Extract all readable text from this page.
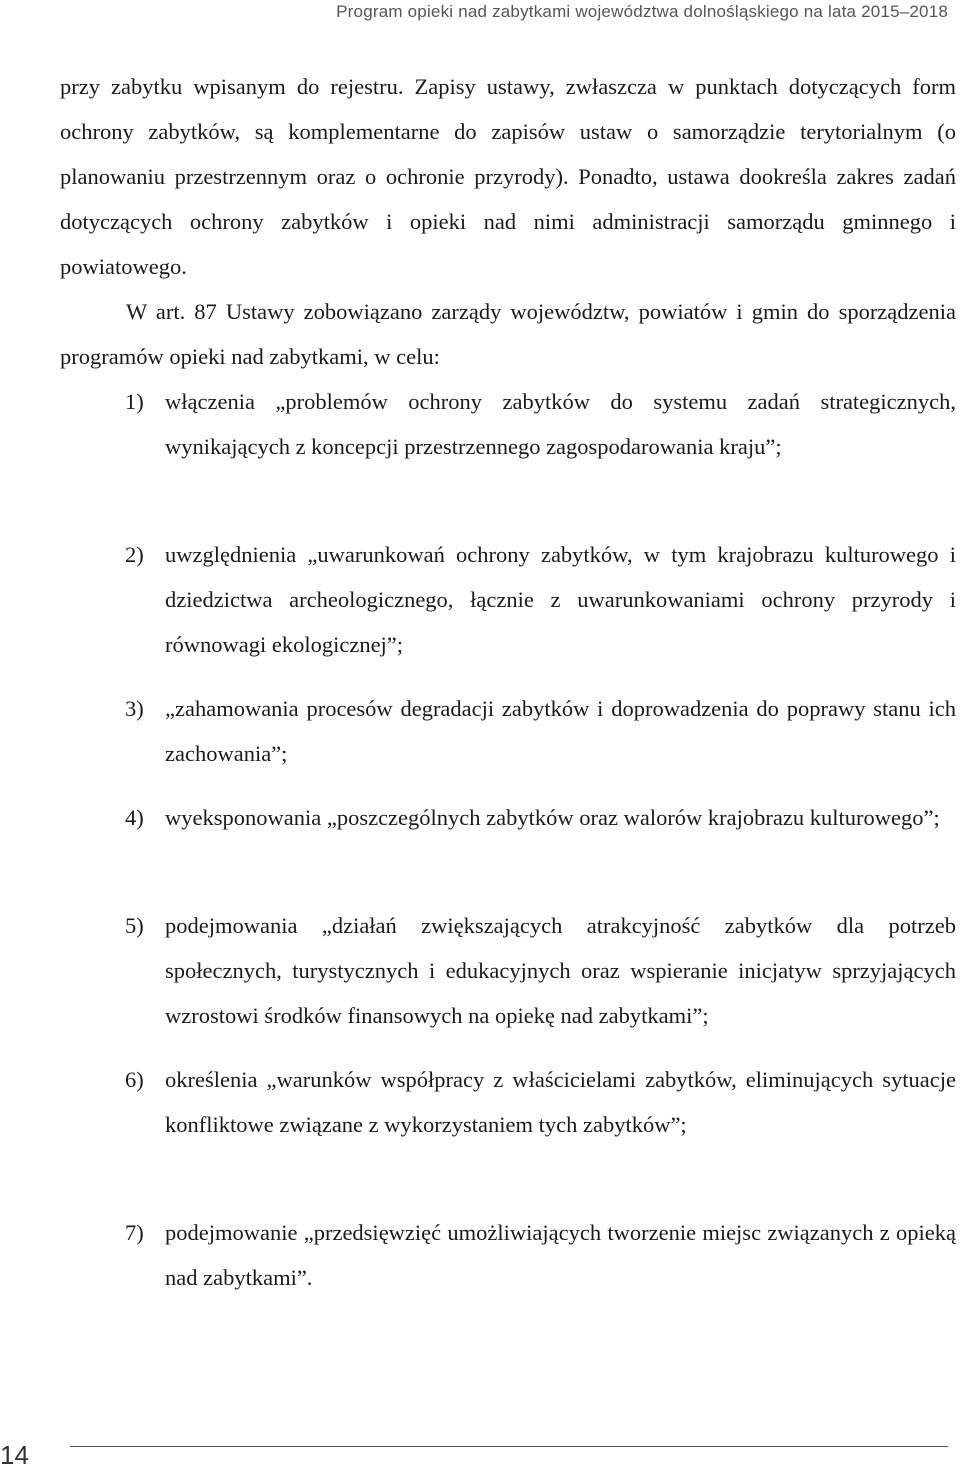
Program opieki nad zabytkami województwa dolnośląskiego na lata 2015–2018

przy zabytku wpisanym do rejestru. Zapisy ustawy, zwłaszcza w punktach dotyczących form ochrony zabytków, są komplementarne do zapisów ustaw o samorządzie terytorialnym (o planowaniu przestrzennym oraz o ochronie przyrody). Ponadto, ustawa dookreśla zakres zadań dotyczących ochrony zabytków i opieki nad nimi administracji samorządu gminnego i powiatowego.

W art. 87 Ustawy zobowiązano zarządy województw, powiatów i gmin do sporządzenia programów opieki nad zabytkami, w celu:

1) włączenia „problemów ochrony zabytków do systemu zadań strategicznych, wynikających z koncepcji przestrzennego zagospodarowania kraju”;
2) uwzględnienia „uwarunkowań ochrony zabytków, w tym krajobrazu kulturowego i dziedzictwa archeologicznego, łącznie z uwarunkowaniami ochrony przyrody i równowagi ekologicznej”;
3) „zahamowania procesów degradacji zabytków i doprowadzenia do poprawy stanu ich zachowania”;
4) wyeksponowania „poszczególnych zabytków oraz walorów krajobrazu kulturowego”;
5) podejmowania „działań zwiększających atrakcyjność zabytków dla potrzeb społecznych, turystycznych i edukacyjnych oraz wspieranie inicjatyw sprzyjających wzrostowi środków finansowych na opiekę nad zabytkami”;
6) określenia „warunków współpracy z właścicielami zabytków, eliminujących sytuacje konfliktowe związane z wykorzystaniem tych zabytków”;
7) podejmowanie „przedsięwzięć umożliwiających tworzenie miejsc związanych z opieką nad zabytkami”.
14
